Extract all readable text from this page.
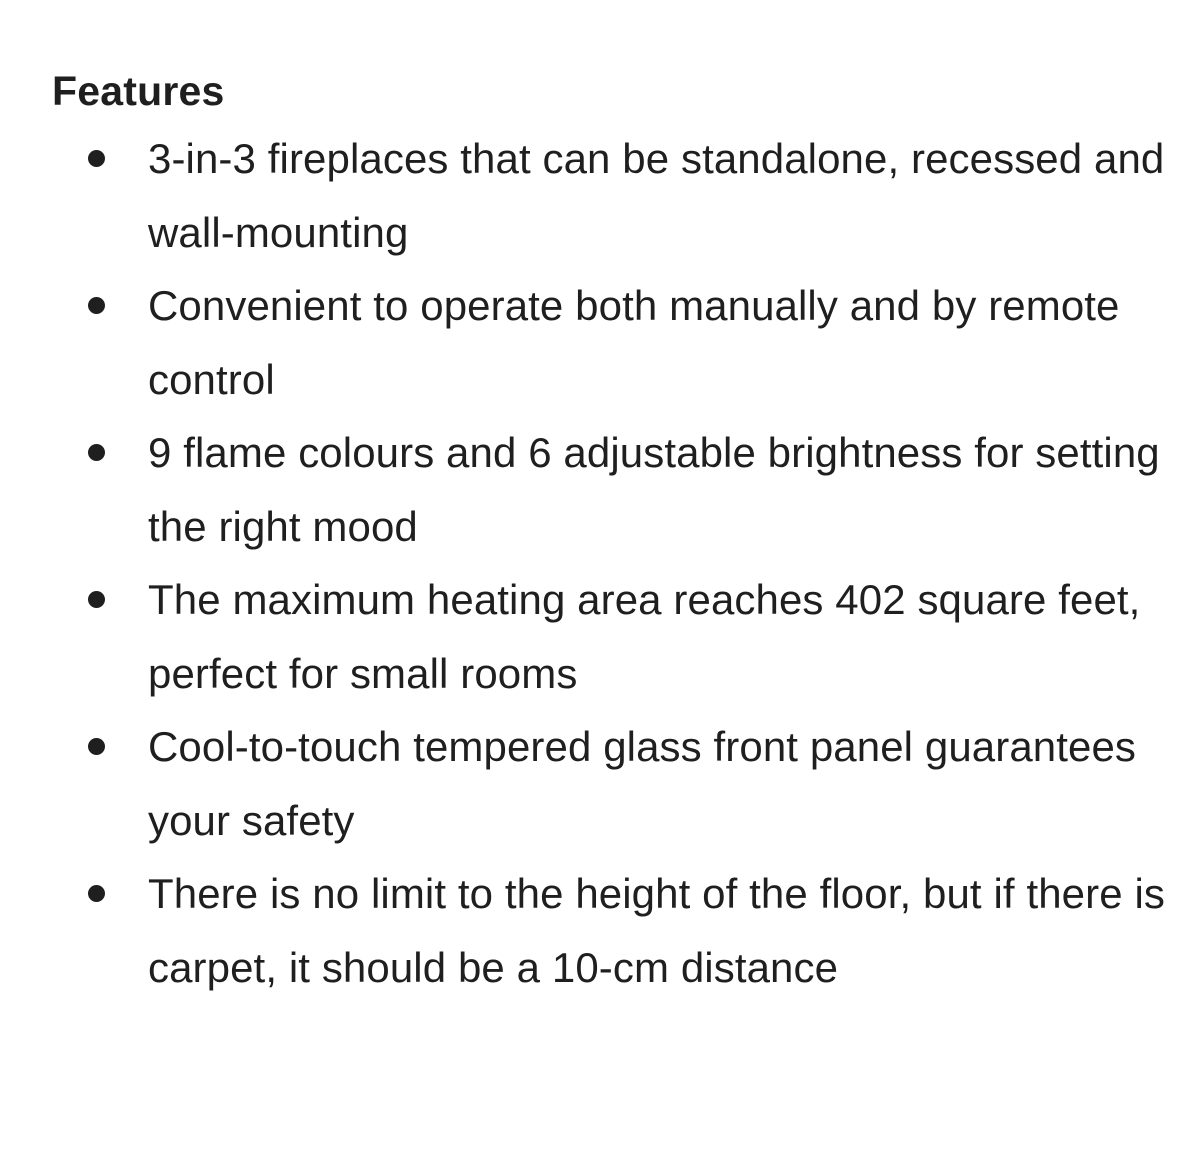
Features
3-in-3 fireplaces that can be standalone, recessed and wall-mounting
Convenient to operate both manually and by remote control
9 flame colours and 6 adjustable brightness for setting the right mood
The maximum heating area reaches 402 square feet, perfect for small rooms
Cool-to-touch tempered glass front panel guarantees your safety
There is no limit to the height of the floor, but if there is carpet, it should be a 10-cm distance
